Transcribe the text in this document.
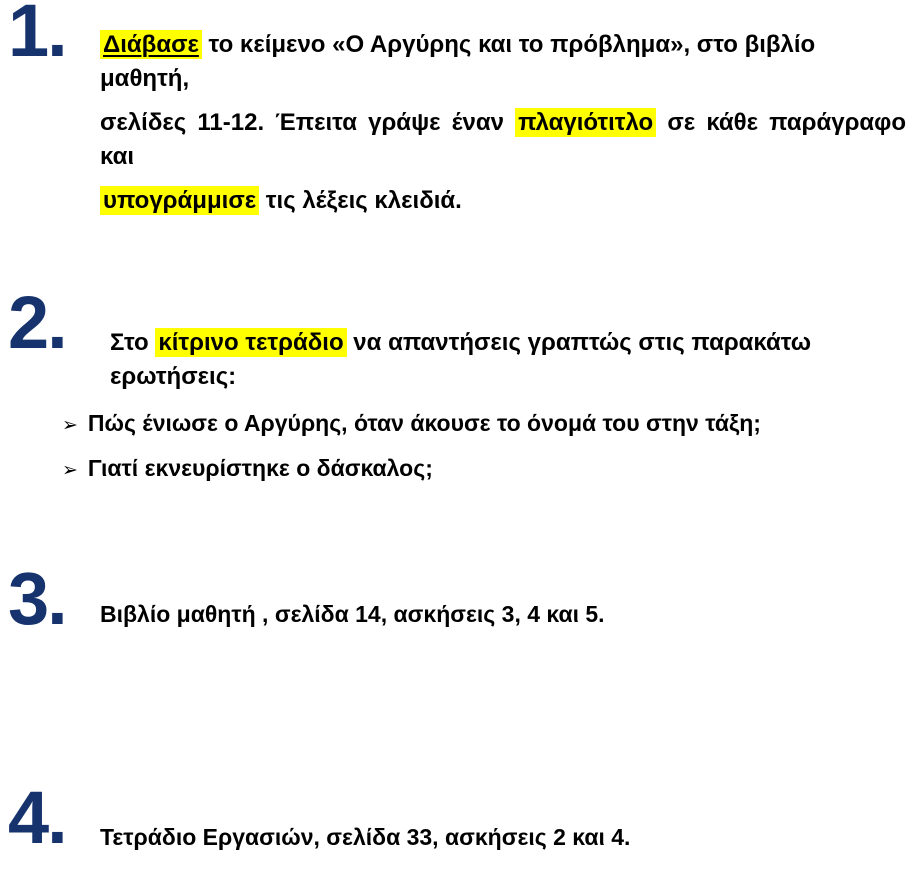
1. Διάβασε το κείμενο «Ο Αργύρης και το πρόβλημα», στο βιβλίο μαθητή,
σελίδες 11-12. Έπειτα γράψε έναν πλαγιότιτλο σε κάθε παράγραφο και
υπογράμμισε τις λέξεις κλειδιά.
2. Στο κίτρινο τετράδιο να απαντήσεις γραπτώς στις παρακάτω ερωτήσεις:
➢ Πώς ένιωσε ο Αργύρης, όταν άκουσε το όνομά του στην τάξη;
➢ Γιατί εκνευρίστηκε ο δάσκαλος;
3. Βιβλίο μαθητή , σελίδα 14, ασκήσεις 3, 4 και 5.
4. Τετράδιο Εργασιών, σελίδα 33, ασκήσεις 2 και 4.
